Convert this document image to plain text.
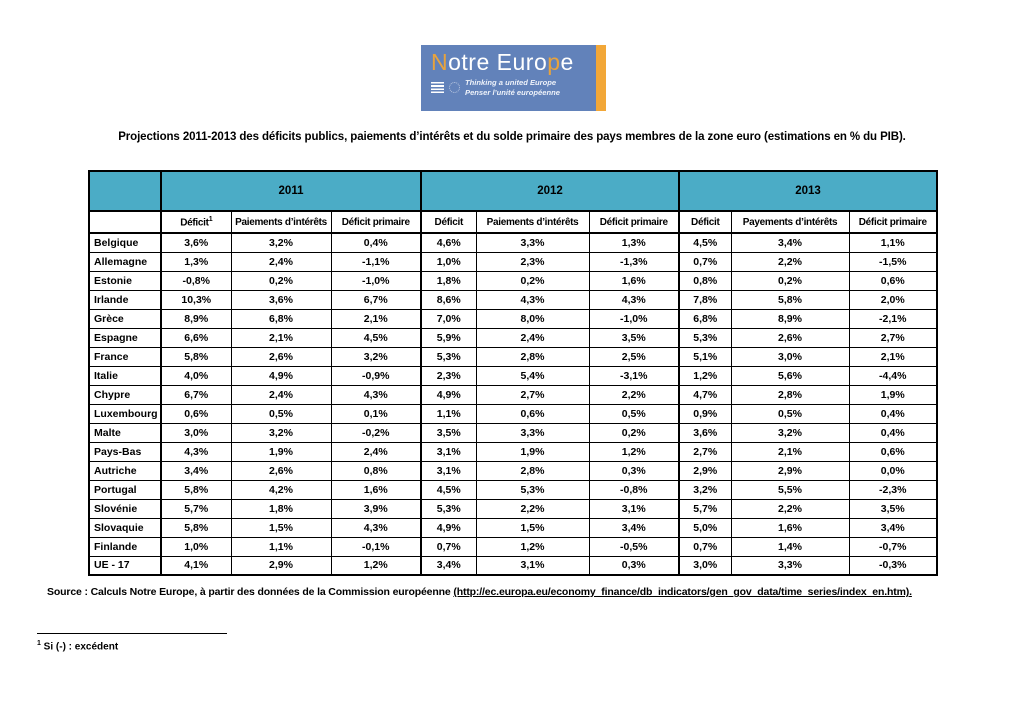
Notre Europe
Thinking a united Europe
Penser l’unité européenne
Projections 2011-2013 des déficits publics, paiements d’intérêts et du solde primaire des pays membres de la zone euro (estimations en % du PIB).
	2011			2012			2013		
	Déficit$^1$	Paiements d’intérêts	Déficit primaire	Déficit	Paiements d’intérêts	Déficit primaire	Déficit	Payements d’intérêts	Déficit primaire
Belgique	3,6%	3,2%	0,4%	4,6%	3,3%	1,3%	4,5%	3,4%	1,1%
Allemagne	1,3%	2,4%	-1,1%	1,0%	2,3%	-1,3%	0,7%	2,2%	-1,5%
Estonie	-0,8%	0,2%	-1,0%	1,8%	0,2%	1,6%	0,8%	0,2%	0,6%
Irlande	10,3%	3,6%	6,7%	8,6%	4,3%	4,3%	7,8%	5,8%	2,0%
Grèce	8,9%	6,8%	2,1%	7,0%	8,0%	-1,0%	6,8%	8,9%	-2,1%
Espagne	6,6%	2,1%	4,5%	5,9%	2,4%	3,5%	5,3%	2,6%	2,7%
France	5,8%	2,6%	3,2%	5,3%	2,8%	2,5%	5,1%	3,0%	2,1%
Italie	4,0%	4,9%	-0,9%	2,3%	5,4%	-3,1%	1,2%	5,6%	-4,4%
Chypre	6,7%	2,4%	4,3%	4,9%	2,7%	2,2%	4,7%	2,8%	1,9%
Luxembourg	0,6%	0,5%	0,1%	1,1%	0,6%	0,5%	0,9%	0,5%	0,4%
Malte	3,0%	3,2%	-0,2%	3,5%	3,3%	0,2%	3,6%	3,2%	0,4%
Pays-Bas	4,3%	1,9%	2,4%	3,1%	1,9%	1,2%	2,7%	2,1%	0,6%
Autriche	3,4%	2,6%	0,8%	3,1%	2,8%	0,3%	2,9%	2,9%	0,0%
Portugal	5,8%	4,2%	1,6%	4,5%	5,3%	-0,8%	3,2%	5,5%	-2,3%
Slovénie	5,7%	1,8%	3,9%	5,3%	2,2%	3,1%	5,7%	2,2%	3,5%
Slovaquie	5,8%	1,5%	4,3%	4,9%	1,5%	3,4%	5,0%	1,6%	3,4%
Finlande	1,0%	1,1%	-0,1%	0,7%	1,2%	-0,5%	0,7%	1,4%	-0,7%
UE - 17	4,1%	2,9%	1,2%	3,4%	3,1%	0,3%	3,0%	3,3%	-0,3%
Source : Calculs Notre Europe, à partir des données de la Commission européenne (http://ec.europa.eu/economy_finance/db_indicators/gen_gov_data/time_series/index_en.htm).
$^1$ Si (-) : excédent
